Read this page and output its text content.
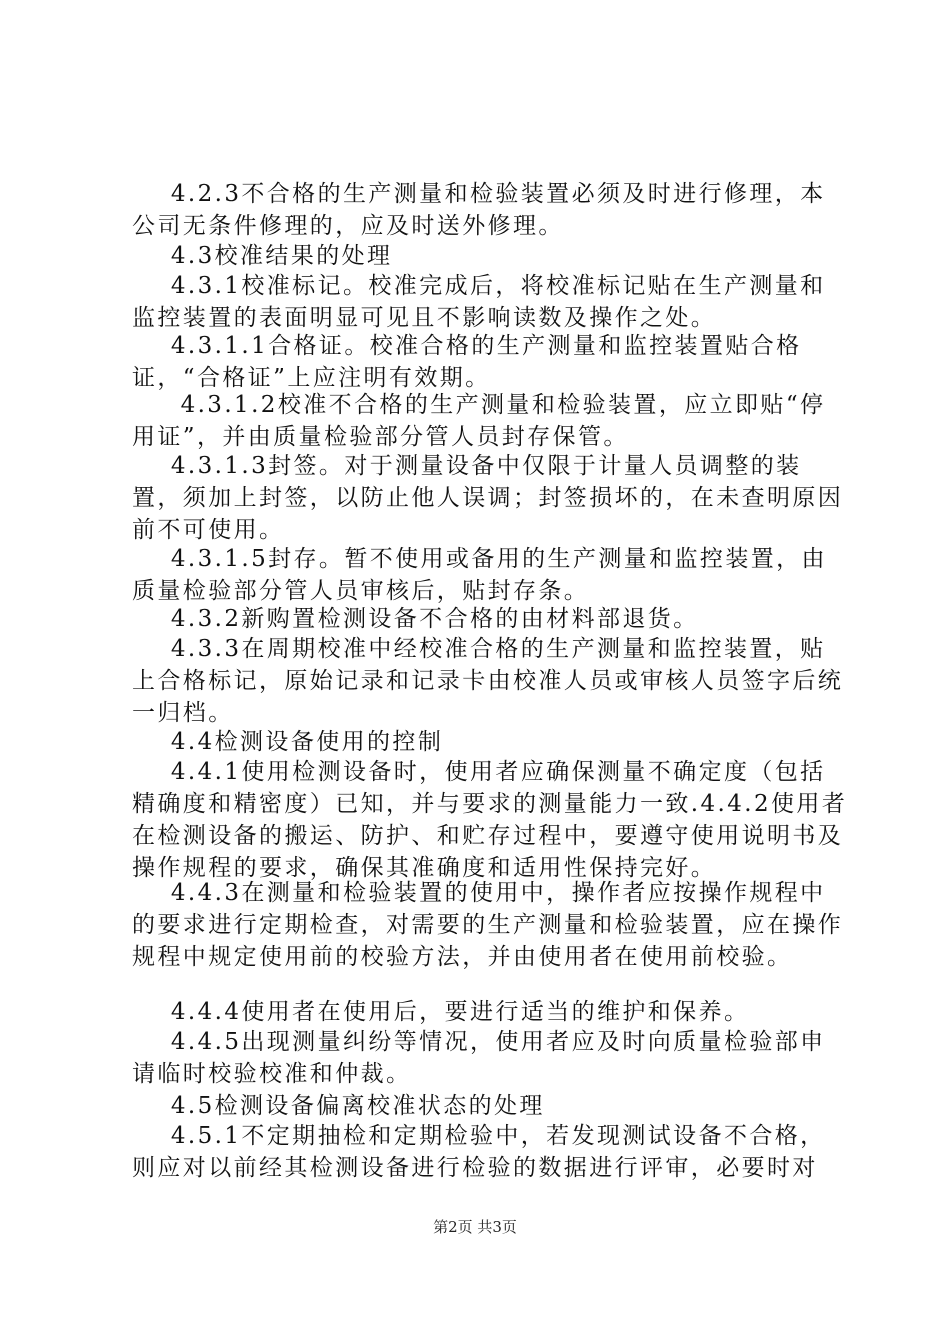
4.2.3不合格的生产测量和检验装置必须及时进行修理，本公司无条件修理的，应及时送外修理。

4.3校准结果的处理

4.3.1校准标记。校准完成后，将校准标记贴在生产测量和监控装置的表面明显可见且不影响读数及操作之处。

4.3.1.1合格证。校准合格的生产测量和监控装置贴合格证，“合格证”上应注明有效期。

4.3.1.2校准不合格的生产测量和检验装置，应立即贴“停用证”，并由质量检验部分管人员封存保管。

4.3.1.3封签。对于测量设备中仅限于计量人员调整的装置，须加上封签，以防止他人误调；封签损坏的，在未查明原因前不可使用。

4.3.1.5封存。暂不使用或备用的生产测量和监控装置，由质量检验部分管人员审核后，贴封存条。

4.3.2新购置检测设备不合格的由材料部退货。

4.3.3在周期校准中经校准合格的生产测量和监控装置，贴上合格标记，原始记录和记录卡由校准人员或审核人员签字后统一归档。

4.4检测设备使用的控制

4.4.1使用检测设备时，使用者应确保测量不确定度（包括精确度和精密度）已知，并与要求的测量能力一致.4.4.2使用者在检测设备的搬运、防护、和贮存过程中，要遵守使用说明书及操作规程的要求，确保其准确度和适用性保持完好。

4.4.3在测量和检验装置的使用中，操作者应按操作规程中的要求进行定期检查，对需要的生产测量和检验装置，应在操作规程中规定使用前的校验方法，并由使用者在使用前校验。

4.4.4使用者在使用后，要进行适当的维护和保养。

4.4.5出现测量纠纷等情况，使用者应及时向质量检验部申请临时校验校准和仲裁。

4.5检测设备偏离校准状态的处理

4.5.1不定期抽检和定期检验中，若发现测试设备不合格，则应对以前经其检测设备进行检验的数据进行评审，必要时对

第2页 共3页
